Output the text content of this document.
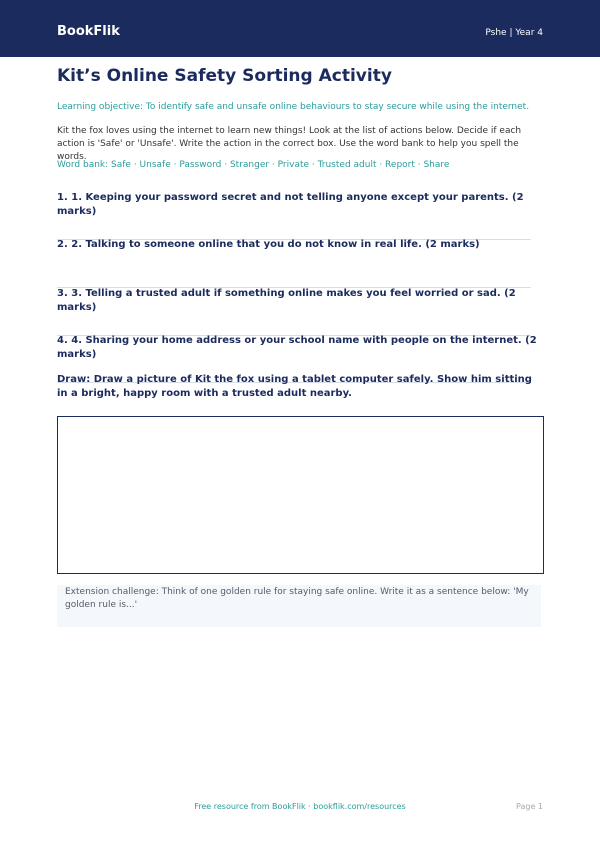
BookFlik	Pshe | Year 4
Kit’s Online Safety Sorting Activity

Learning objective: To identify safe and unsafe online behaviours to stay secure while using the internet.

Kit the fox loves using the internet to learn new things! Look at the list of actions below. Decide if each action is 'Safe' or 'Unsafe'. Write the action in the correct box. Use the word bank to help you spell the words.

Word bank: Safe · Unsafe · Password · Stranger · Private · Trusted adult · Report · Share

1. 1. Keeping your password secret and not telling anyone except your parents. (2 marks)

2. 2. Talking to someone online that you do not know in real life. (2 marks)

3. 3. Telling a trusted adult if something online makes you feel worried or sad. (2 marks)

4. 4. Sharing your home address or your school name with people on the internet. (2 marks)

Draw: Draw a picture of Kit the fox using a tablet computer safely. Show him sitting in a bright, happy room with a trusted adult nearby.

Extension challenge: Think of one golden rule for staying safe online. Write it as a sentence below: 'My golden rule is...'
Free resource from BookFlik · bookflik.com/resources	Page 1
